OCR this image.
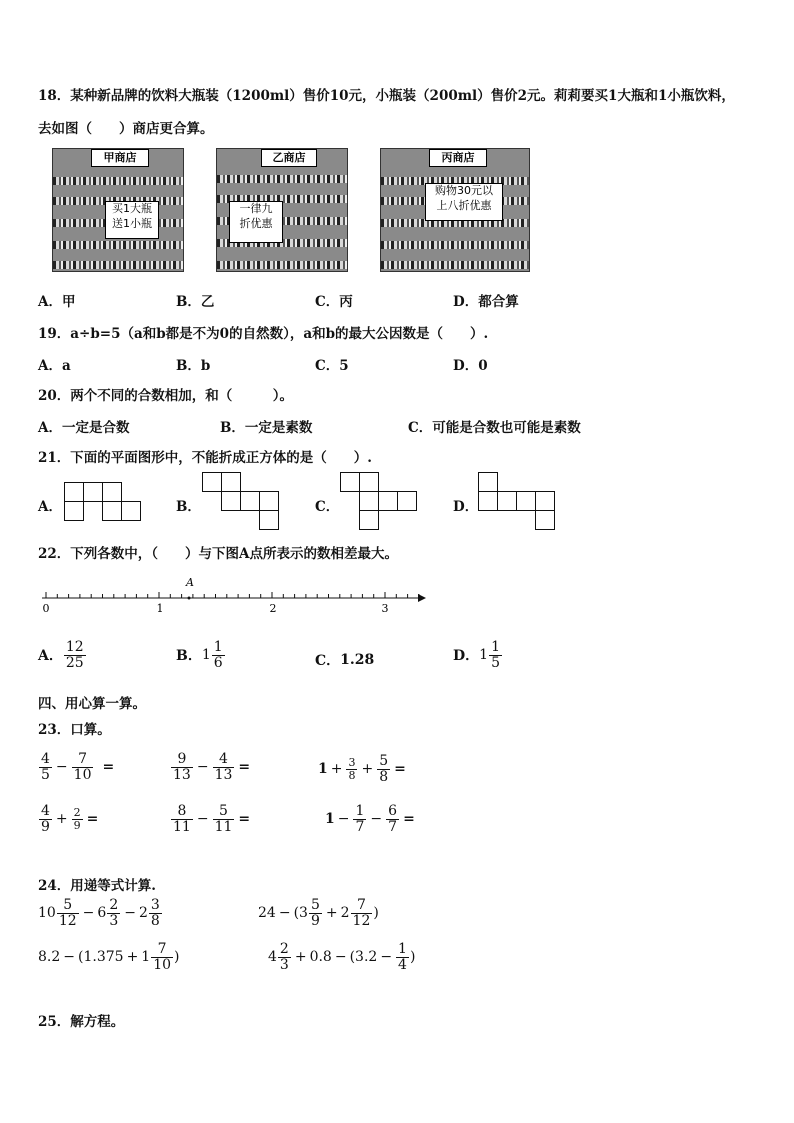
18．某种新品牌的饮料大瓶装（1200ml）售价10元，小瓶装（200ml）售价2元。莉莉要买1大瓶和1小瓶饮料，
去如图（　　）商店更合算。
甲商店
买1大瓶
送1小瓶
乙商店
一律九
折优惠
丙商店
购物30元以
上八折优惠
A．甲	B．乙	C．丙	D．都合算
19．a÷b=5（a和b都是不为0的自然数），a和b的最大公因数是（　　）.
A．a	B．b	C．5	D．0
20．两个不同的合数相加，和（　　　）。
A．一定是合数	B．一定是素数	C．可能是合数也可能是素数
21．下面的平面图形中，不能折成正方体的是（　　）.
A．	B．	C．	D．
22．下列各数中，（　　）与下图A点所表示的数相差最大。
A
0	1	2	3
A． $\frac{12}{25}$	B． $1 \frac{1}{6}$	C． 1.28	D． $1 \frac{1}{5}$
四、用心算一算。
23．口算。
$\frac{4}{5} - \frac{7}{10}$ =	$\frac{9}{13} - \frac{4}{13}$ =	$1 + \frac{3}{8} + \frac{5}{8}$ =
$\frac{4}{9} + \frac{2}{9}$ =	$\frac{8}{11} - \frac{5}{11}$ =	$1 - \frac{1}{7} - \frac{6}{7}$ =
24．用递等式计算.
$10 \frac{5}{12} - 6 \frac{2}{3} - 2 \frac{3}{8}$	24 − ( $3 \frac{5}{9} + 2 \frac{7}{12}$ )
8.2 − ( $1.375 + 1 \frac{7}{10}$ )	$4 \frac{2}{3} + 0.8$ − ( $3.2 - \frac{1}{4}$ )
25．解方程。
